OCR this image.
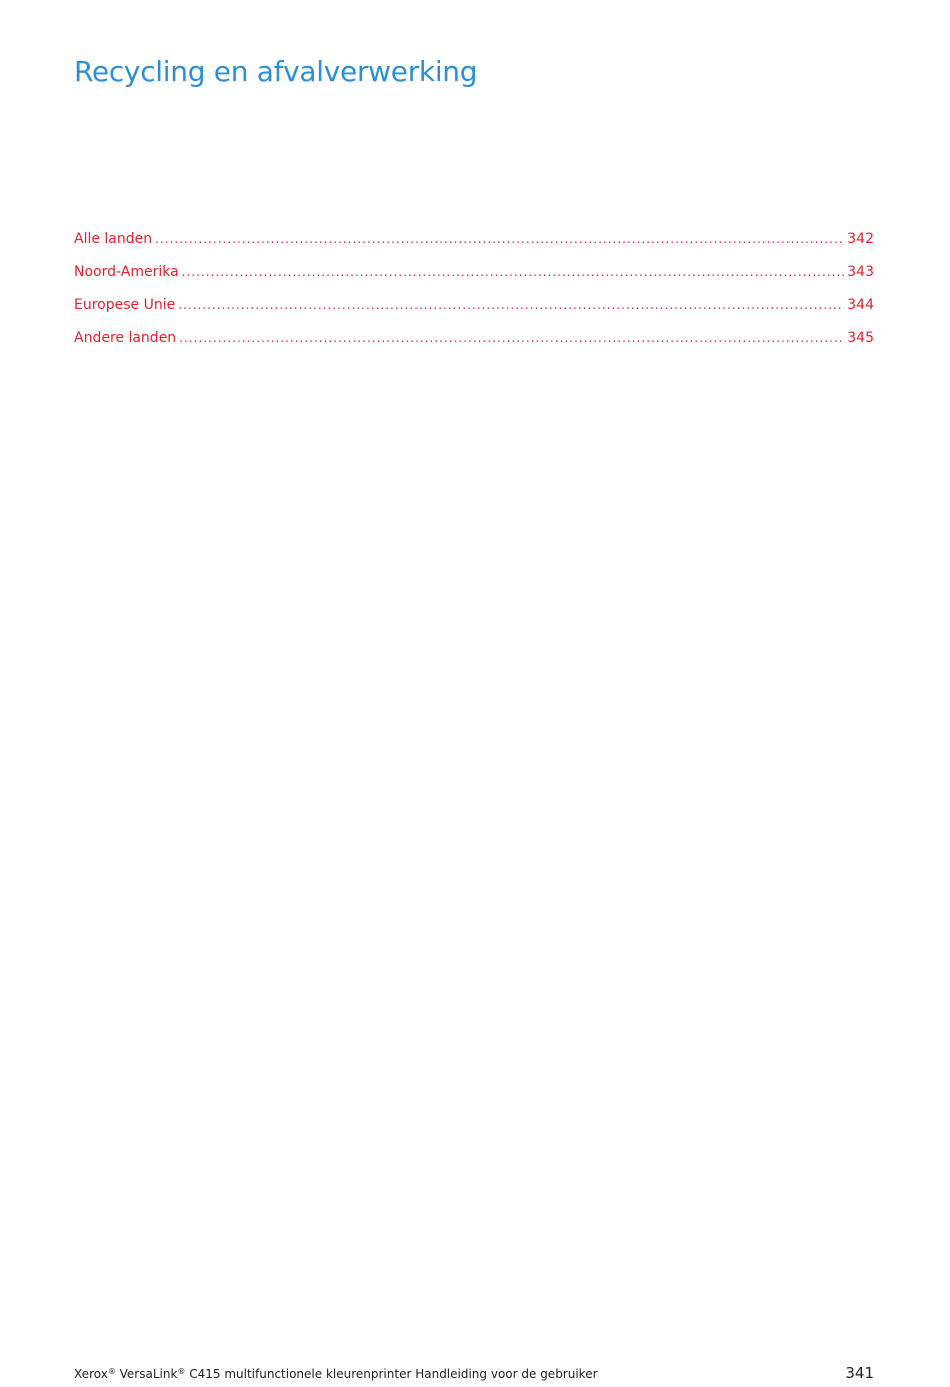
Recycling en afvalverwerking
Alle landen .....	342
Noord-Amerika .....	343
Europese Unie .....	344
Andere landen .....	345
Xerox® VersaLink® C415 multifunctionele kleurenprinter Handleiding voor de gebruiker	341
